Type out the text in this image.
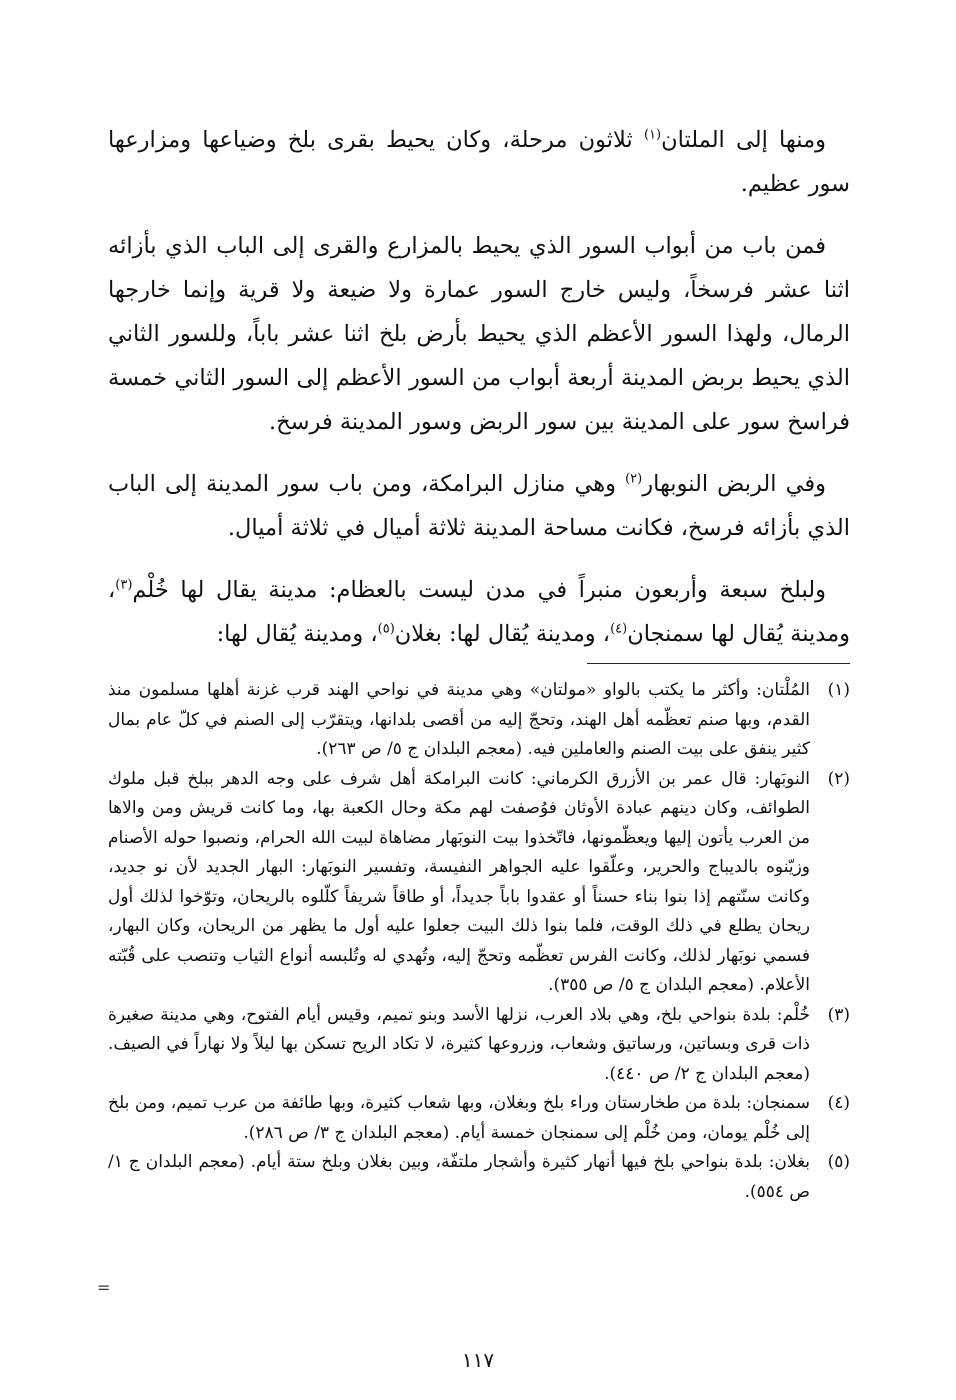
ومنها إلى الملتان$^{(١)}$ ثلاثون مرحلة، وكان يحيط بقرى بلخ وضياعها ومزارعها سور عظيم.

فمن باب من أبواب السور الذي يحيط بالمزارع والقرى إلى الباب الذي بأزائه اثنا عشر فرسخاً، وليس خارج السور عمارة ولا ضيعة ولا قرية وإنما خارجها الرمال، ولهذا السور الأعظم الذي يحيط بأرض بلخ اثنا عشر باباً، وللسور الثاني الذي يحيط بربض المدينة أربعة أبواب من السور الأعظم إلى السور الثاني خمسة فراسخ سور على المدينة بين سور الربض وسور المدينة فرسخ.

وفي الربض النوبهار$^{(٢)}$ وهي منازل البرامكة، ومن باب سور المدينة إلى الباب الذي بأزائه فرسخ، فكانت مساحة المدينة ثلاثة أميال في ثلاثة أميال.

ولبلخ سبعة وأربعون منبراً في مدن ليست بالعظام: مدينة يقال لها خُلْم$^{(٣)}$، ومدينة يُقال لها سمنجان$^{(٤)}$، ومدينة يُقال لها: بغلان$^{(٥)}$، ومدينة يُقال لها:

(١)
المُلْتان: وأكثر ما يكتب بالواو «مولتان» وهي مدينة في نواحي الهند قرب غزنة أهلها مسلمون منذ القدم، وبها صنم تعظّمه أهل الهند، وتحجّ إليه من أقصى بلدانها، ويتقرّب إلى الصنم في كلّ عام بمال كثير ينفق على بيت الصنم والعاملين فيه. (معجم البلدان ج ٥/ ص ٢٦٣).
(٢)
النوبَهار: قال عمر بن الأزرق الكرماني: كانت البرامكة أهل شرف على وجه الدهر ببلخ قبل ملوك الطوائف، وكان دينهم عبادة الأوثان فوُصفت لهم مكة وحال الكعبة بها، وما كانت قريش ومن والاها من العرب يأتون إليها ويعظّمونها، فاتّخذوا بيت النوبَهار مضاهاة لبيت الله الحرام، ونصبوا حوله الأصنام وزيّنوه بالديباج والحرير، وعلّقوا عليه الجواهر النفيسة، وتفسير النوبَهار: البهار الجديد لأن نو جديد، وكانت سنّتهم إذا بنوا بناء حسناً أو عقدوا باباً جديداً، أو طاقاً شريفاً كلّلوه بالريحان، وتوّخوا لذلك أول ريحان يطلع في ذلك الوقت، فلما بنوا ذلك البيت جعلوا عليه أول ما يظهر من الريحان، وكان البهار، فسمي نوبَهار لذلك، وكانت الفرس تعظّمه وتحجّ إليه، وتُهدي له وتُلبسه أنواع الثياب وتنصب على قُبّته الأعلام. (معجم البلدان ج ٥/ ص ٣٥٥).
(٣)
خُلْم: بلدة بنواحي بلخ، وهي بلاد العرب، نزلها الأسد وبنو تميم، وقيس أيام الفتوح، وهي مدينة صغيرة ذات قرى وبساتين، ورساتيق وشعاب، وزروعها كثيرة، لا تكاد الريح تسكن بها ليلاً ولا نهاراً في الصيف. (معجم البلدان ج ٢/ ص ٤٤٠).
(٤)
سمنجان: بلدة من طخارستان وراء بلخ وبغلان، وبها شعاب كثيرة، وبها طائفة من عرب تميم، ومن بلخ إلى خُلْم يومان، ومن خُلْم إلى سمنجان خمسة أيام. (معجم البلدان ج ٣/ ص ٢٨٦).
(٥)
بغلان: بلدة بنواحي بلخ فيها أنهار كثيرة وأشجار ملتفّة، وبين بغلان وبلخ ستة أيام. (معجم البلدان ج ١/ ص ٥٥٤).
=
١١٧
